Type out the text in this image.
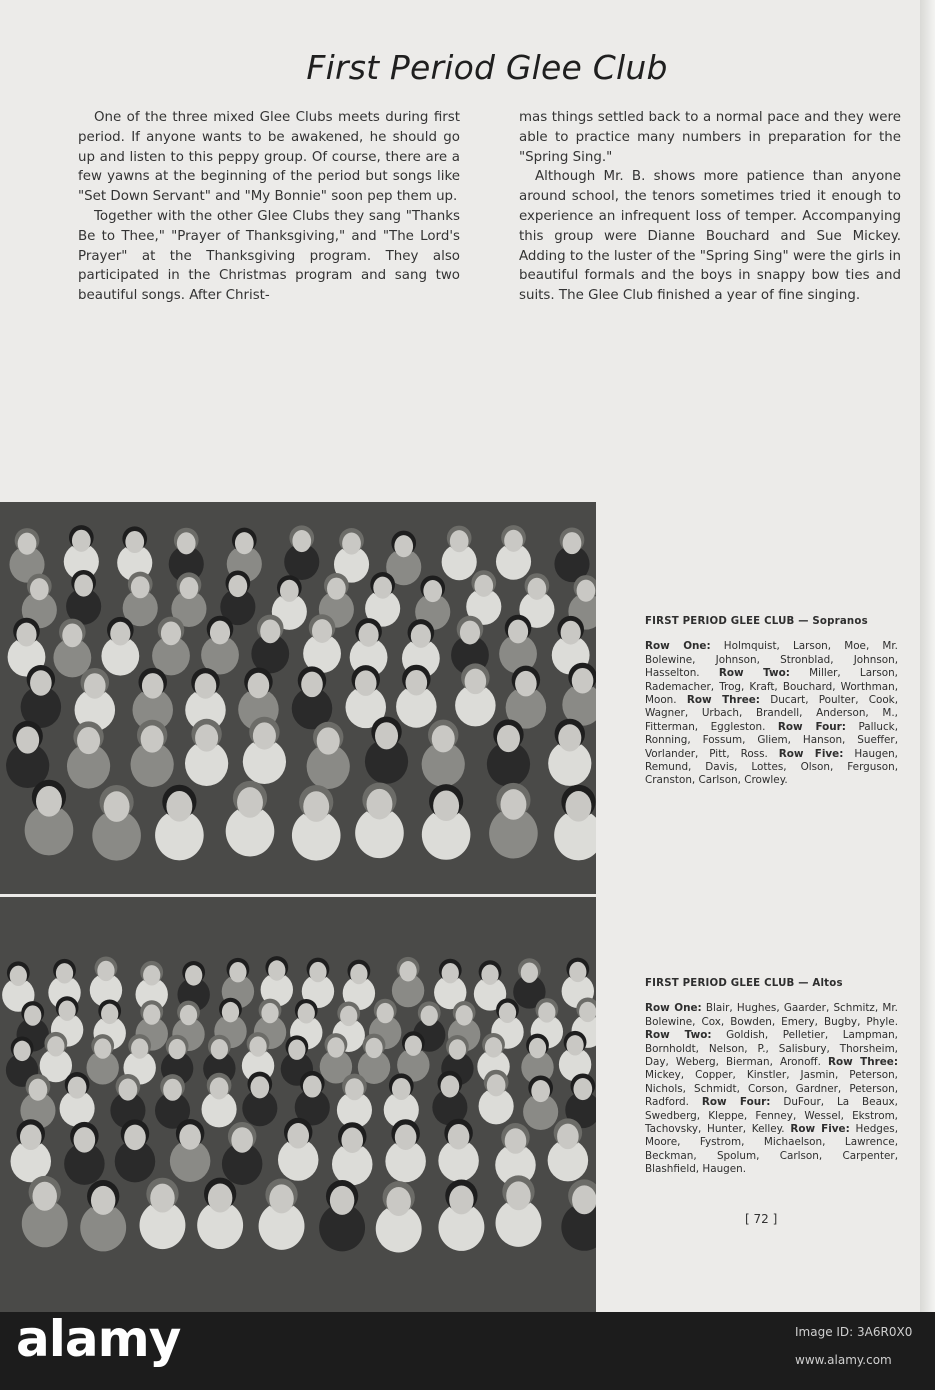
First Period Glee Club

One of the three mixed Glee Clubs meets during first period. If anyone wants to be awakened, he should go up and listen to this peppy group. Of course, there are a few yawns at the beginning of the period but songs like "Set Down Servant" and "My Bonnie" soon pep them up.

Together with the other Glee Clubs they sang "Thanks Be to Thee," "Prayer of Thanksgiving," and "The Lord's Prayer" at the Thanksgiving program. They also participated in the Christmas program and sang two beautiful songs. After Christ-

mas things settled back to a normal pace and they were able to practice many numbers in preparation for the "Spring Sing."

Although Mr. B. shows more patience than anyone around school, the tenors sometimes tried it enough to experience an infrequent loss of temper. Accompanying this group were Dianne Bouchard and Sue Mickey. Adding to the luster of the "Spring Sing" were the girls in beautiful formals and the boys in snappy bow ties and suits. The Glee Club finished a year of fine singing.

FIRST PERIOD GLEE CLUB — Sopranos
Row One: Holmquist, Larson, Moe, Mr. Bolewine, Johnson, Stronblad, Johnson, Hasselton. Row Two: Miller, Larson, Rademacher, Trog, Kraft, Bouchard, Worthman, Moon. Row Three: Ducart, Poulter, Cook, Wagner, Urbach, Brandell, Anderson, M., Fitterman, Eggleston. Row Four: Palluck, Ronning, Fossum, Gliem, Hanson, Sueffer, Vorlander, Pitt, Ross. Row Five: Haugen, Remund, Davis, Lottes, Olson, Ferguson, Cranston, Carlson, Crowley.
FIRST PERIOD GLEE CLUB — Altos
Row One: Blair, Hughes, Gaarder, Schmitz, Mr. Bolewine, Cox, Bowden, Emery, Bugby, Phyle. Row Two: Goldish, Pelletier, Lampman, Bornholdt, Nelson, P., Salisbury, Thorsheim, Day, Weberg, Bierman, Aronoff. Row Three: Mickey, Copper, Kinstler, Jasmin, Peterson, Nichols, Schmidt, Corson, Gardner, Peterson, Radford. Row Four: DuFour, La Beaux, Swedberg, Kleppe, Fenney, Wessel, Ekstrom, Tachovsky, Hunter, Kelley. Row Five: Hedges, Moore, Fystrom, Michaelson, Lawrence, Beckman, Spolum, Carlson, Carpenter, Blashfield, Haugen.
[ 72 ]
alamy	Image ID: 3A6R0X0
www.alamy.com
